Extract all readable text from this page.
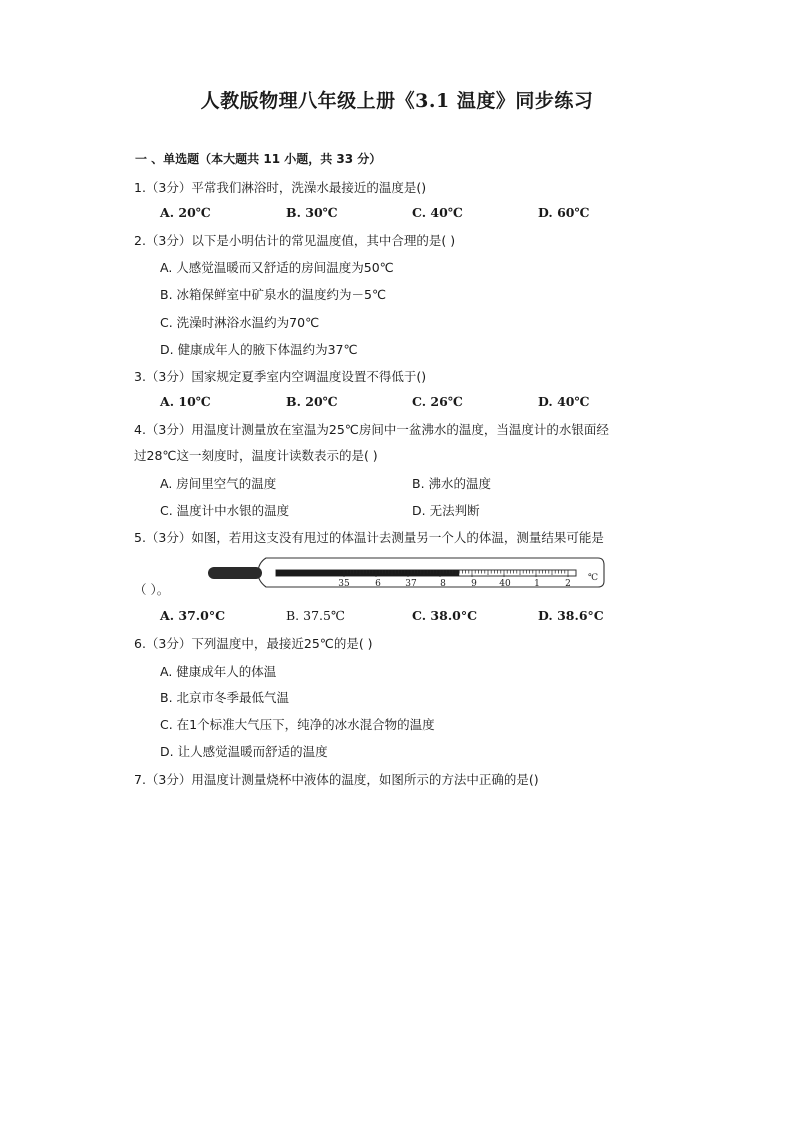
人教版物理八年级上册《3.1 温度》同步练习
一 、单选题（本大题共 11 小题，共 33 分）
1.（3分）平常我们淋浴时，洗澡水最接近的温度是()
A. 20℃	B. 30℃	C. 40℃	D. 60℃
2.（3分）以下是小明估计的常见温度值，其中合理的是( )
A. 人感觉温暖而又舒适的房间温度为50℃
B. 冰箱保鲜室中矿泉水的温度约为－5℃
C. 洗澡时淋浴水温约为70℃
D. 健康成年人的腋下体温约为37℃
3.（3分）国家规定夏季室内空调温度设置不得低于()
A. 10℃	B. 20℃	C. 26℃	D. 40℃
4.（3分）用温度计测量放在室温为25℃房间中一盆沸水的温度，当温度计的水银面经
过28℃这一刻度时，温度计读数表示的是( )
A. 房间里空气的温度	B. 沸水的温度
C. 温度计中水银的温度	D. 无法判断
5.（3分）如图，若用这支没有甩过的体温计去测量另一个人的体温，测量结果可能是
（ ）。	35	6	37	8	9 40	1	2
℃
A. 37.0°C	B. 37.5℃	C. 38.0°C	D. 38.6°C
6.（3分）下列温度中，最接近25℃的是( )
A. 健康成年人的体温
B. 北京市冬季最低气温
C. 在1个标准大气压下，纯净的冰水混合物的温度
D. 让人感觉温暖而舒适的温度
7.（3分）用温度计测量烧杯中液体的温度，如图所示的方法中正确的是()
